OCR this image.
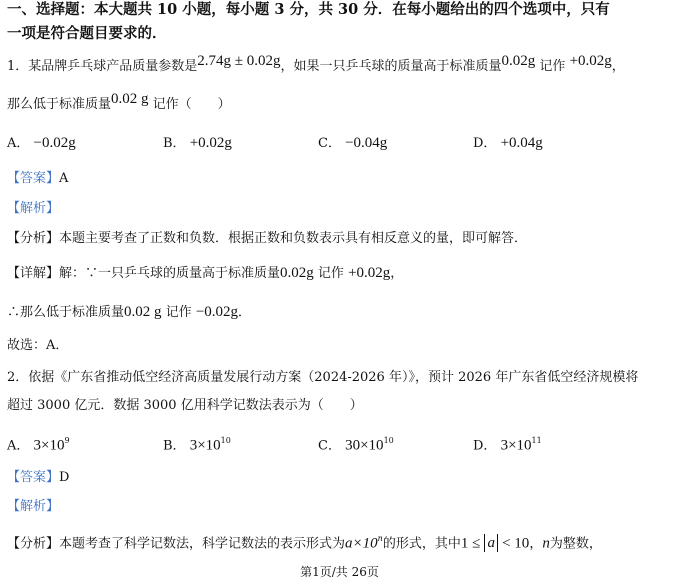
一、选择题：本大题共 10 小题，每小题 3 分，共 30 分．在每小题给出的四个选项中，只有
一项是符合题目要求的．
1．某品牌乒乓球产品质量参数是2.74g ± 0.02g，如果一只乒乓球的质量高于标准质量0.02g 记作 +0.02g，
那么低于标准质量0.02 g 记作（　　）
A． −0.02g	B． +0.02g	C． −0.04g	D． +0.04g
【答案】A
【解析】
【分析】本题主要考查了正数和负数．根据正数和负数表示具有相反意义的量，即可解答．
【详解】解：∵一只乒乓球的质量高于标准质量0.02g 记作 +0.02g，
∴那么低于标准质量0.02 g 记作 −0.02g．
故选：A．
2．依据《广东省推动低空经济高质量发展行动方案（2024-2026 年）》，预计 2026 年广东省低空经济规模将
超过 3000 亿元．数据 3000 亿用科学记数法表示为（　　）
A． $3\times 10^9$	B． $3\times 10^{10}$	C． $30\times 10^{10}$	D． $3\times 10^{11}$
【答案】D
【解析】
【分析】本题考查了科学记数法，科学记数法的表示形式为$a\times 10^n$的形式，其中1 ≤ a < 10，n为整数，
第1页/共 26页
